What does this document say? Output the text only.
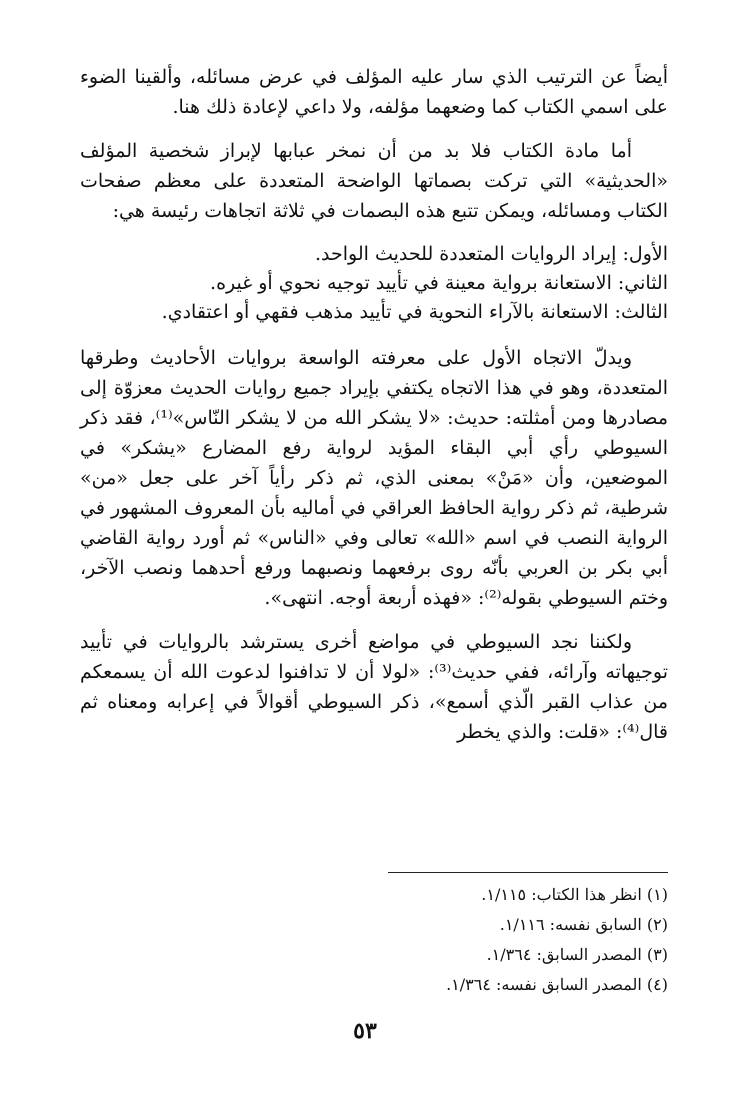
أيضاً عن الترتيب الذي سار عليه المؤلف في عرض مسائله، وألقينا الضوء على اسمي الكتاب كما وضعهما مؤلفه، ولا داعي لإعادة ذلك هنا.

أما مادة الكتاب فلا بد من أن نمخر عبابها لإبراز شخصية المؤلف «الحديثية» التي تركت بصماتها الواضحة المتعددة على معظم صفحات الكتاب ومسائله، ويمكن تتبع هذه البصمات في ثلاثة اتجاهات رئيسة هي:

الأول: إيراد الروايات المتعددة للحديث الواحد.

الثاني: الاستعانة برواية معينة في تأييد توجيه نحوي أو غيره.

الثالث: الاستعانة بالآراء النحوية في تأييد مذهب فقهي أو اعتقادي.

ويدلّ الاتجاه الأول على معرفته الواسعة بروايات الأحاديث وطرقها المتعددة، وهو في هذا الاتجاه يكتفي بإيراد جميع روايات الحديث معزوّة إلى مصادرها ومن أمثلته: حديث: «لا يشكر الله من لا يشكر النّاس»⁽¹⁾، فقد ذكر السيوطي رأي أبي البقاء المؤيد لرواية رفع المضارع «يشكر» في الموضعين، وأن «مَنْ» بمعنى الذي، ثم ذكر رأياً آخر على جعل «من» شرطية، ثم ذكر رواية الحافظ العراقي في أماليه بأن المعروف المشهور في الرواية النصب في اسم «الله» تعالى وفي «الناس» ثم أورد رواية القاضي أبي بكر بن العربي بأنّه روى برفعهما ونصبهما ورفع أحدهما ونصب الآخر، وختم السيوطي بقوله⁽²⁾: «فهذه أربعة أوجه. انتهى».

ولكننا نجد السيوطي في مواضع أخرى يسترشد بالروايات في تأييد توجيهاته وآرائه، ففي حديث⁽³⁾: «لولا أن لا تدافنوا لدعوت الله أن يسمعكم من عذاب القبر الّذي أسمع»، ذكر السيوطي أقوالاً في إعرابه ومعناه ثم قال⁽⁴⁾: «قلت: والذي يخطر

(١) انظر هذا الكتاب: ١/١١٥.

(٢) السابق نفسه: ١/١١٦.

(٣) المصدر السابق: ١/٣٦٤.

(٤) المصدر السابق نفسه: ١/٣٦٤.

٥٣
